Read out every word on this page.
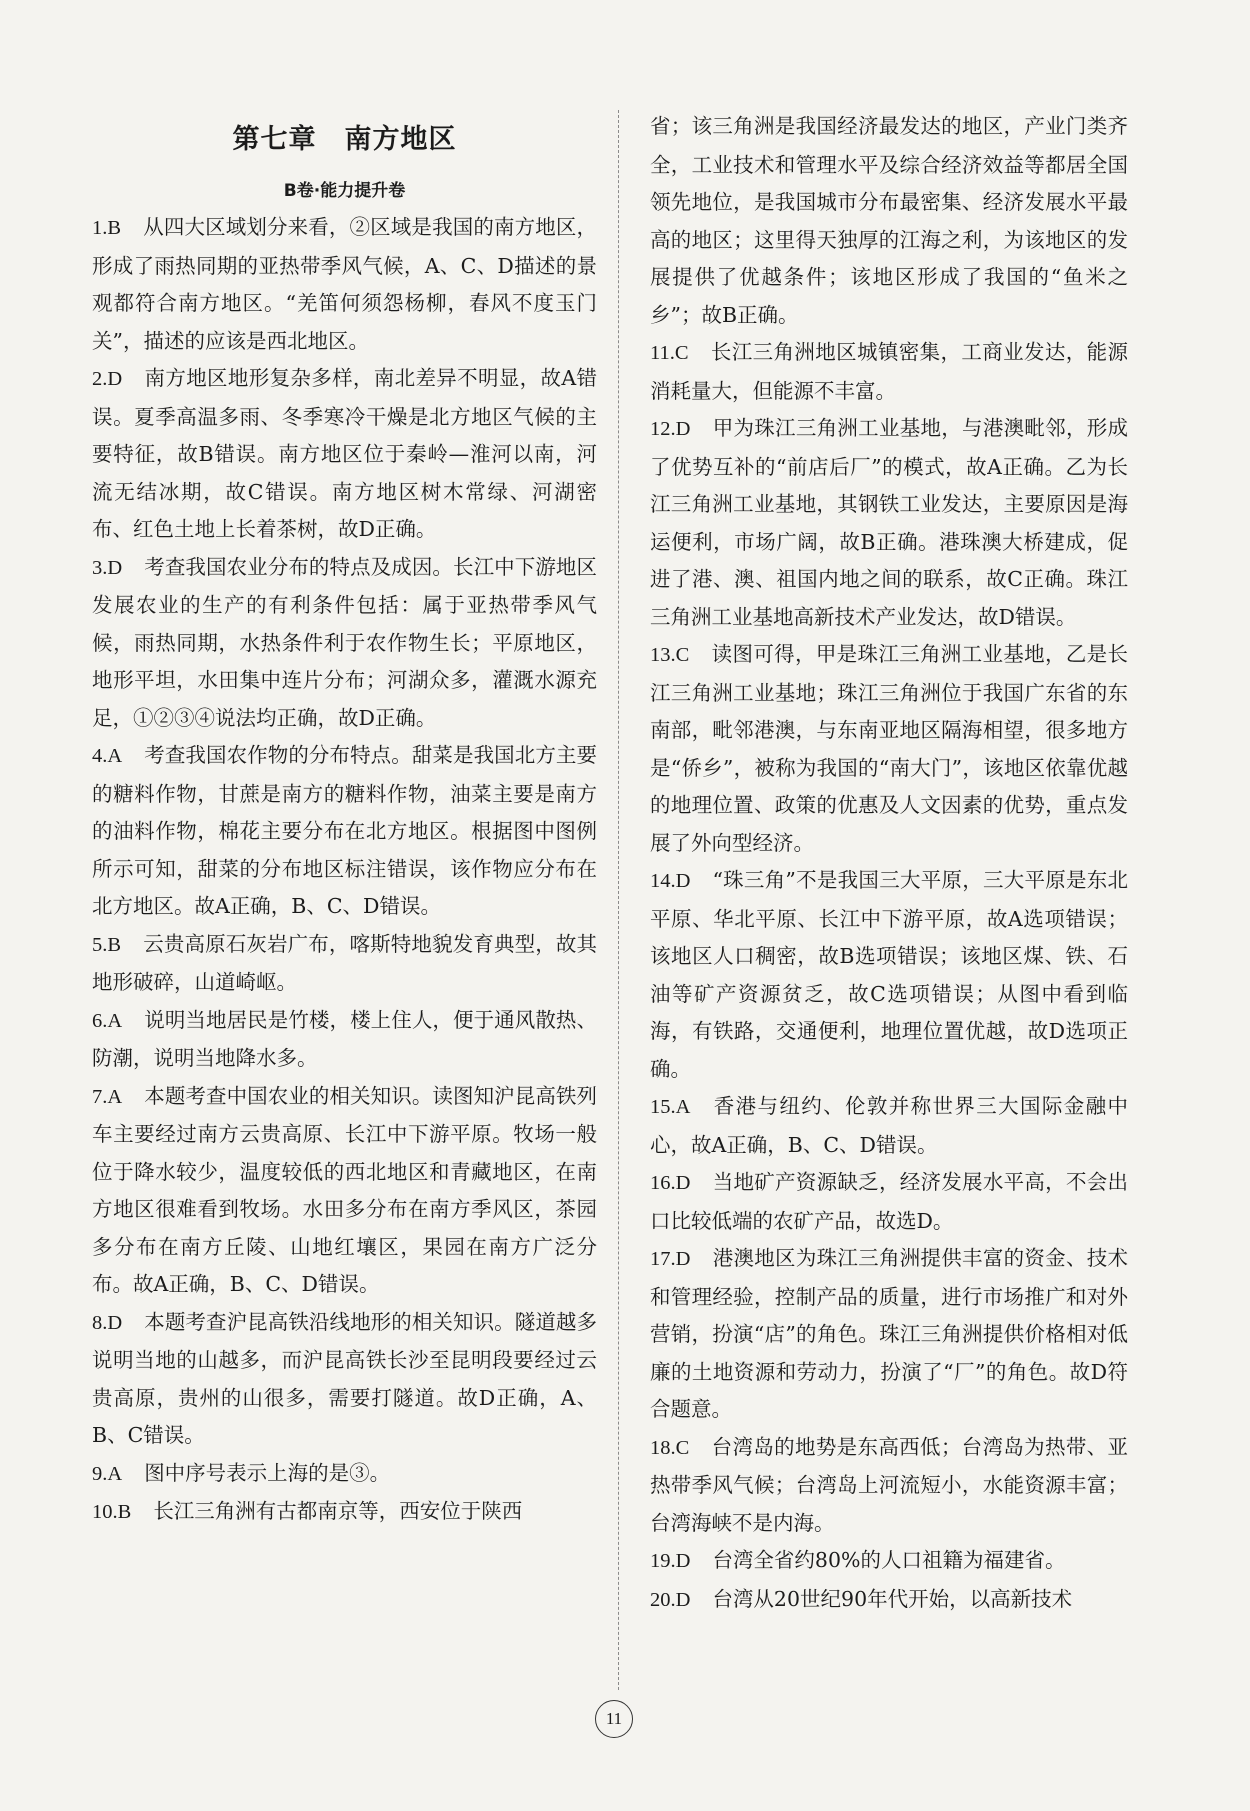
第七章　南方地区
B卷·能力提升卷

1.B 从四大区域划分来看，②区域是我国的南方地区，形成了雨热同期的亚热带季风气候，A、C、D描述的景观都符合南方地区。“羌笛何须怨杨柳，春风不度玉门关”，描述的应该是西北地区。

2.D 南方地区地形复杂多样，南北差异不明显，故A错误。夏季高温多雨、冬季寒冷干燥是北方地区气候的主要特征，故B错误。南方地区位于秦岭—淮河以南，河流无结冰期，故C错误。南方地区树木常绿、河湖密布、红色土地上长着茶树，故D正确。

3.D 考查我国农业分布的特点及成因。长江中下游地区发展农业的生产的有利条件包括：属于亚热带季风气候，雨热同期，水热条件利于农作物生长；平原地区，地形平坦，水田集中连片分布；河湖众多，灌溉水源充足，①②③④说法均正确，故D正确。

4.A 考查我国农作物的分布特点。甜菜是我国北方主要的糖料作物，甘蔗是南方的糖料作物，油菜主要是南方的油料作物，棉花主要分布在北方地区。根据图中图例所示可知，甜菜的分布地区标注错误，该作物应分布在北方地区。故A正确，B、C、D错误。

5.B 云贵高原石灰岩广布，喀斯特地貌发育典型，故其地形破碎，山道崎岖。

6.A 说明当地居民是竹楼，楼上住人，便于通风散热、防潮，说明当地降水多。

7.A 本题考查中国农业的相关知识。读图知沪昆高铁列车主要经过南方云贵高原、长江中下游平原。牧场一般位于降水较少，温度较低的西北地区和青藏地区，在南方地区很难看到牧场。水田多分布在南方季风区，茶园多分布在南方丘陵、山地红壤区，果园在南方广泛分布。故A正确，B、C、D错误。

8.D 本题考查沪昆高铁沿线地形的相关知识。隧道越多说明当地的山越多，而沪昆高铁长沙至昆明段要经过云贵高原，贵州的山很多，需要打隧道。故D正确，A、B、C错误。

9.A 图中序号表示上海的是③。

10.B 长江三角洲有古都南京等，西安位于陕西

省；该三角洲是我国经济最发达的地区，产业门类齐全，工业技术和管理水平及综合经济效益等都居全国领先地位，是我国城市分布最密集、经济发展水平最高的地区；这里得天独厚的江海之利，为该地区的发展提供了优越条件；该地区形成了我国的“鱼米之乡”；故B正确。

11.C 长江三角洲地区城镇密集，工商业发达，能源消耗量大，但能源不丰富。

12.D 甲为珠江三角洲工业基地，与港澳毗邻，形成了优势互补的“前店后厂”的模式，故A正确。乙为长江三角洲工业基地，其钢铁工业发达，主要原因是海运便利，市场广阔，故B正确。港珠澳大桥建成，促进了港、澳、祖国内地之间的联系，故C正确。珠江三角洲工业基地高新技术产业发达，故D错误。

13.C 读图可得，甲是珠江三角洲工业基地，乙是长江三角洲工业基地；珠江三角洲位于我国广东省的东南部，毗邻港澳，与东南亚地区隔海相望，很多地方是“侨乡”，被称为我国的“南大门”，该地区依靠优越的地理位置、政策的优惠及人文因素的优势，重点发展了外向型经济。

14.D “珠三角”不是我国三大平原，三大平原是东北平原、华北平原、长江中下游平原，故A选项错误；该地区人口稠密，故B选项错误；该地区煤、铁、石油等矿产资源贫乏，故C选项错误；从图中看到临海，有铁路，交通便利，地理位置优越，故D选项正确。

15.A 香港与纽约、伦敦并称世界三大国际金融中心，故A正确，B、C、D错误。

16.D 当地矿产资源缺乏，经济发展水平高，不会出口比较低端的农矿产品，故选D。

17.D 港澳地区为珠江三角洲提供丰富的资金、技术和管理经验，控制产品的质量，进行市场推广和对外营销，扮演“店”的角色。珠江三角洲提供价格相对低廉的土地资源和劳动力，扮演了“厂”的角色。故D符合题意。

18.C 台湾岛的地势是东高西低；台湾岛为热带、亚热带季风气候；台湾岛上河流短小，水能资源丰富；台湾海峡不是内海。

19.D 台湾全省约80%的人口祖籍为福建省。

20.D 台湾从20世纪90年代开始，以高新技术

11
